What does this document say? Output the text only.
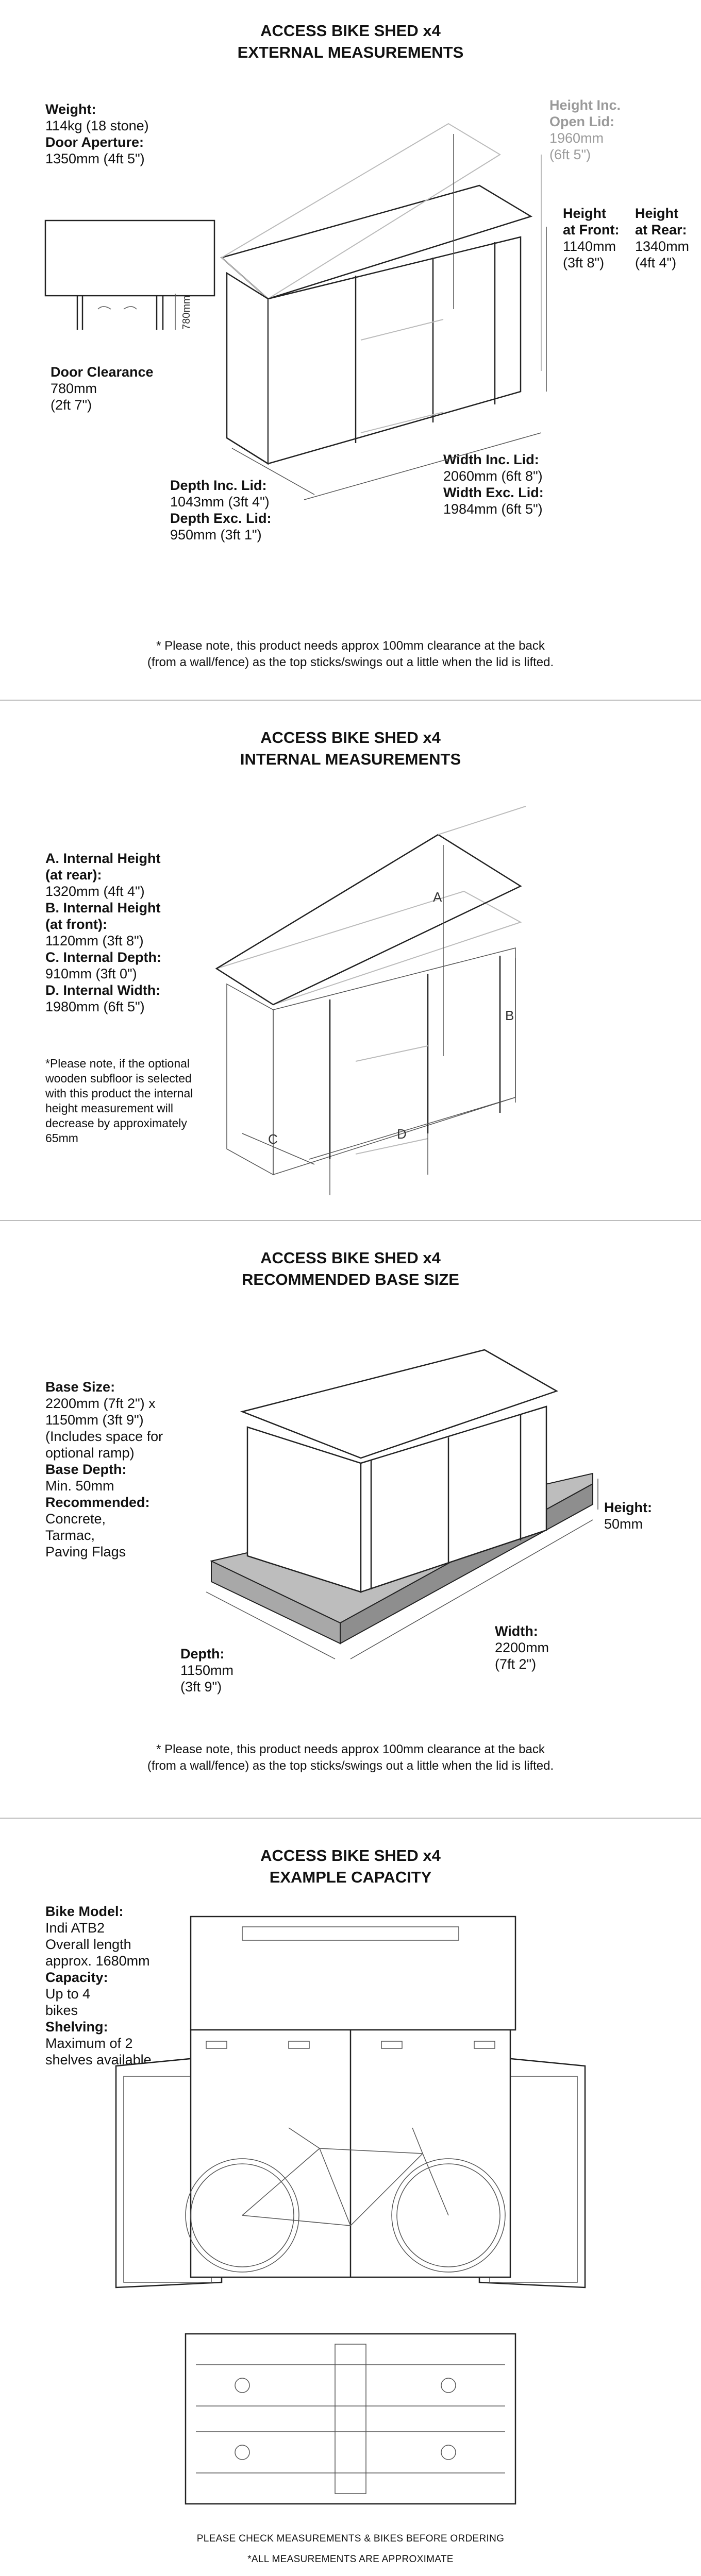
ACCESS BIKE SHED x4
EXTERNAL MEASUREMENTS
Weight:
114kg (18 stone)
Door Aperture:
1350mm (4ft 5")
Height Inc.
Open Lid:
1960mm
(6ft 5")
Height
at Front:
1140mm
(3ft 8")
Height
at Rear:
1340mm
(4ft 4")
Door Clearance
780mm
(2ft 7")
Width Inc. Lid:
2060mm (6ft 8")
Width Exc. Lid:
1984mm (6ft 5")
Depth Inc. Lid:
1043mm (3ft 4")
Depth Exc. Lid:
950mm (3ft 1")
780mm
* Please note, this product needs approx 100mm clearance at the back
(from a wall/fence) as the top sticks/swings out a little when the lid is lifted.
ACCESS BIKE SHED x4
INTERNAL MEASUREMENTS
A. Internal Height
(at rear):
1320mm (4ft 4")
B. Internal Height
(at front):
1120mm (3ft 8")
C. Internal Depth:
910mm (3ft 0")
D. Internal Width:
1980mm (6ft 5")
*Please note, if the optional
wooden subfloor is selected
with this product the internal
height measurement will
decrease by approximately
65mm
A
B
C	D
ACCESS BIKE SHED x4
RECOMMENDED BASE SIZE
Base Size:
2200mm (7ft 2") x
1150mm (3ft 9")
(Includes space for
optional ramp)
Base Depth:
Min. 50mm
Recommended:
Concrete,
Tarmac,
Paving Flags
Height:
50mm
Width:
2200mm
(7ft 2")
Depth:
1150mm
(3ft 9")
* Please note, this product needs approx 100mm clearance at the back
(from a wall/fence) as the top sticks/swings out a little when the lid is lifted.
ACCESS BIKE SHED x4
EXAMPLE CAPACITY
Bike Model:
Indi ATB2
Overall length
approx. 1680mm
Capacity:
Up to 4
bikes
Shelving:
Maximum of 2
shelves available
PLEASE CHECK MEASUREMENTS & BIKES BEFORE ORDERING
*ALL MEASUREMENTS ARE APPROXIMATE
